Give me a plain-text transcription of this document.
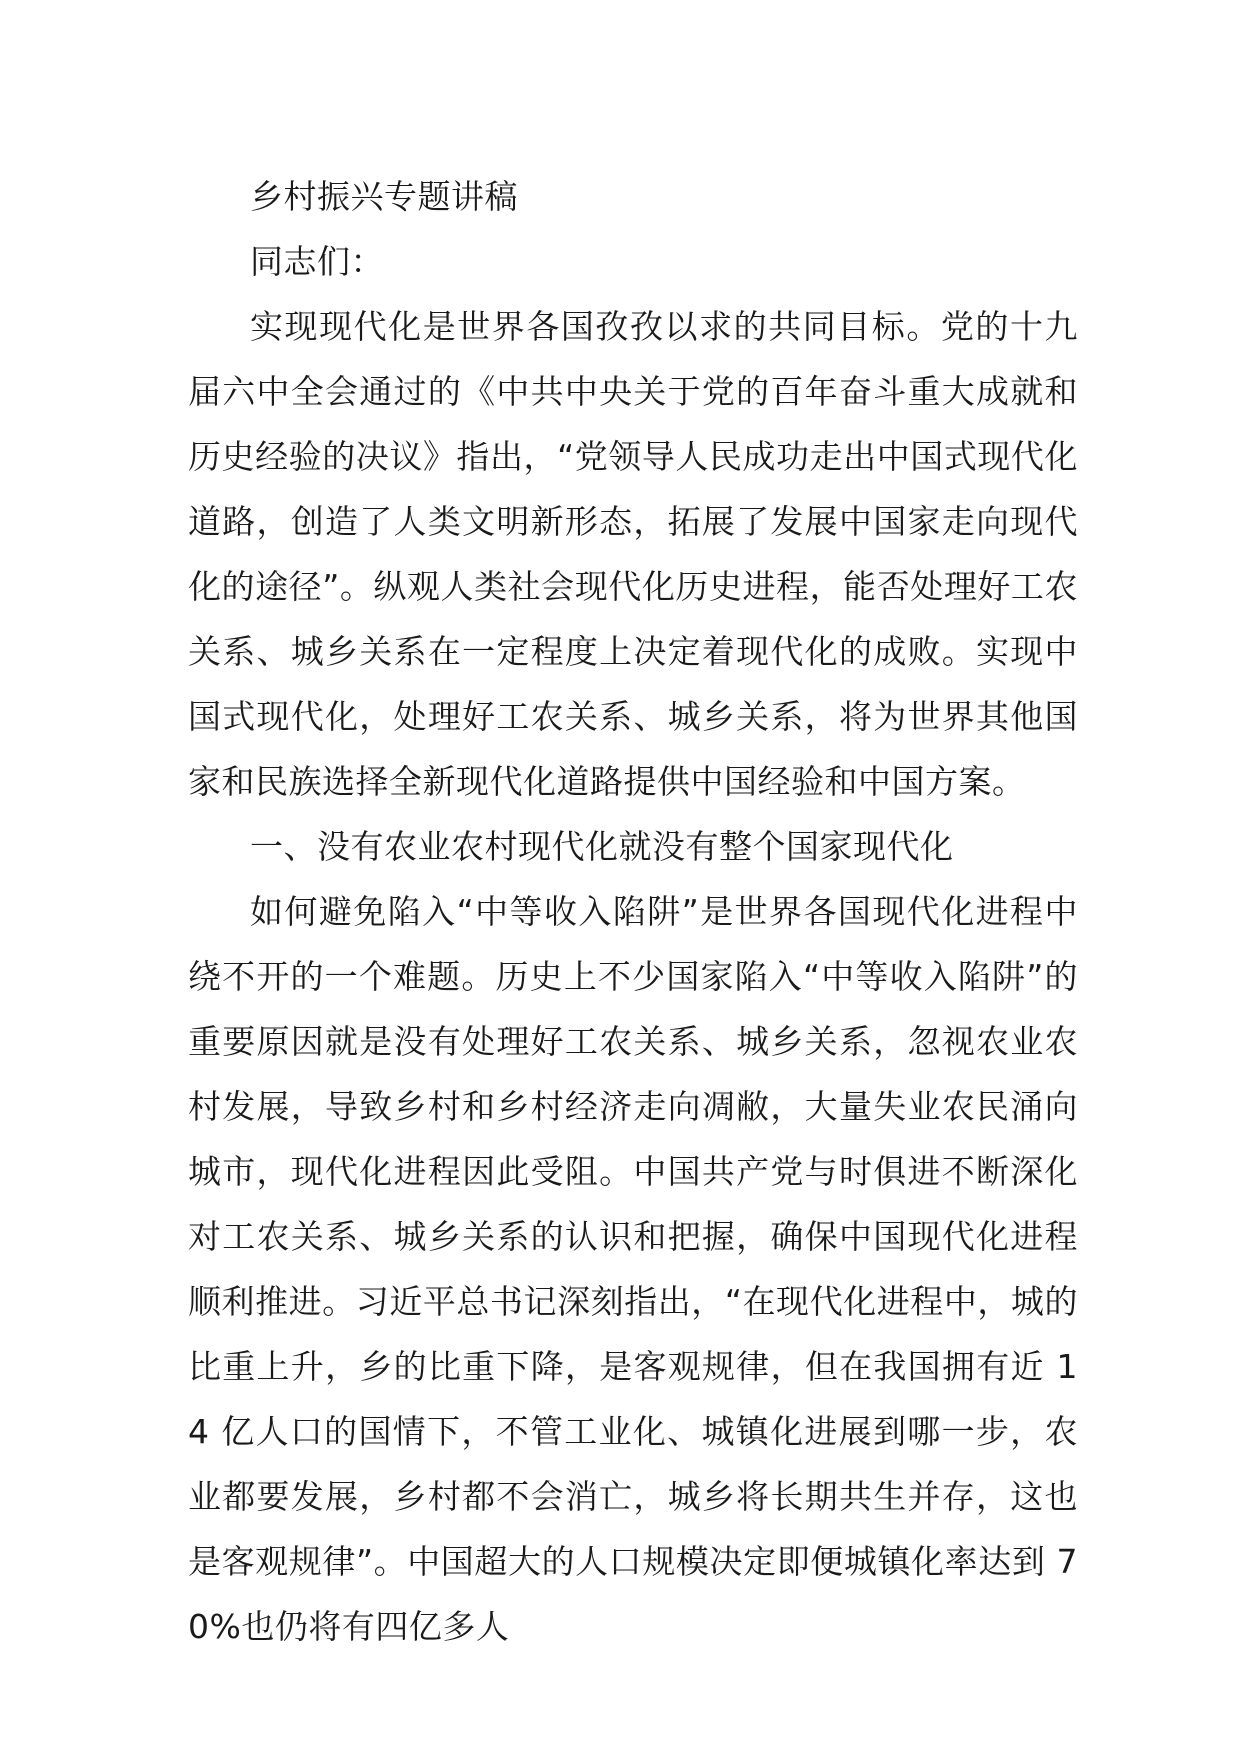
乡村振兴专题讲稿

同志们：

实现现代化是世界各国孜孜以求的共同目标。党的十九届六中全会通过的《中共中央关于党的百年奋斗重大成就和历史经验的决议》指出，“党领导人民成功走出中国式现代化道路，创造了人类文明新形态，拓展了发展中国家走向现代化的途径”。纵观人类社会现代化历史进程，能否处理好工农关系、城乡关系在一定程度上决定着现代化的成败。实现中国式现代化，处理好工农关系、城乡关系，将为世界其他国家和民族选择全新现代化道路提供中国经验和中国方案。

一、没有农业农村现代化就没有整个国家现代化

如何避免陷入“中等收入陷阱”是世界各国现代化进程中绕不开的一个难题。历史上不少国家陷入“中等收入陷阱”的重要原因就是没有处理好工农关系、城乡关系，忽视农业农村发展，导致乡村和乡村经济走向凋敝，大量失业农民涌向城市，现代化进程因此受阻。中国共产党与时俱进不断深化对工农关系、城乡关系的认识和把握，确保中国现代化进程顺利推进。习近平总书记深刻指出，“在现代化进程中，城的比重上升，乡的比重下降，是客观规律，但在我国拥有近 14 亿人口的国情下，不管工业化、城镇化进展到哪一步，农业都要发展，乡村都不会消亡，城乡将长期共生并存，这也是客观规律”。中国超大的人口规模决定即便城镇化率达到 70%也仍将有四亿多人
